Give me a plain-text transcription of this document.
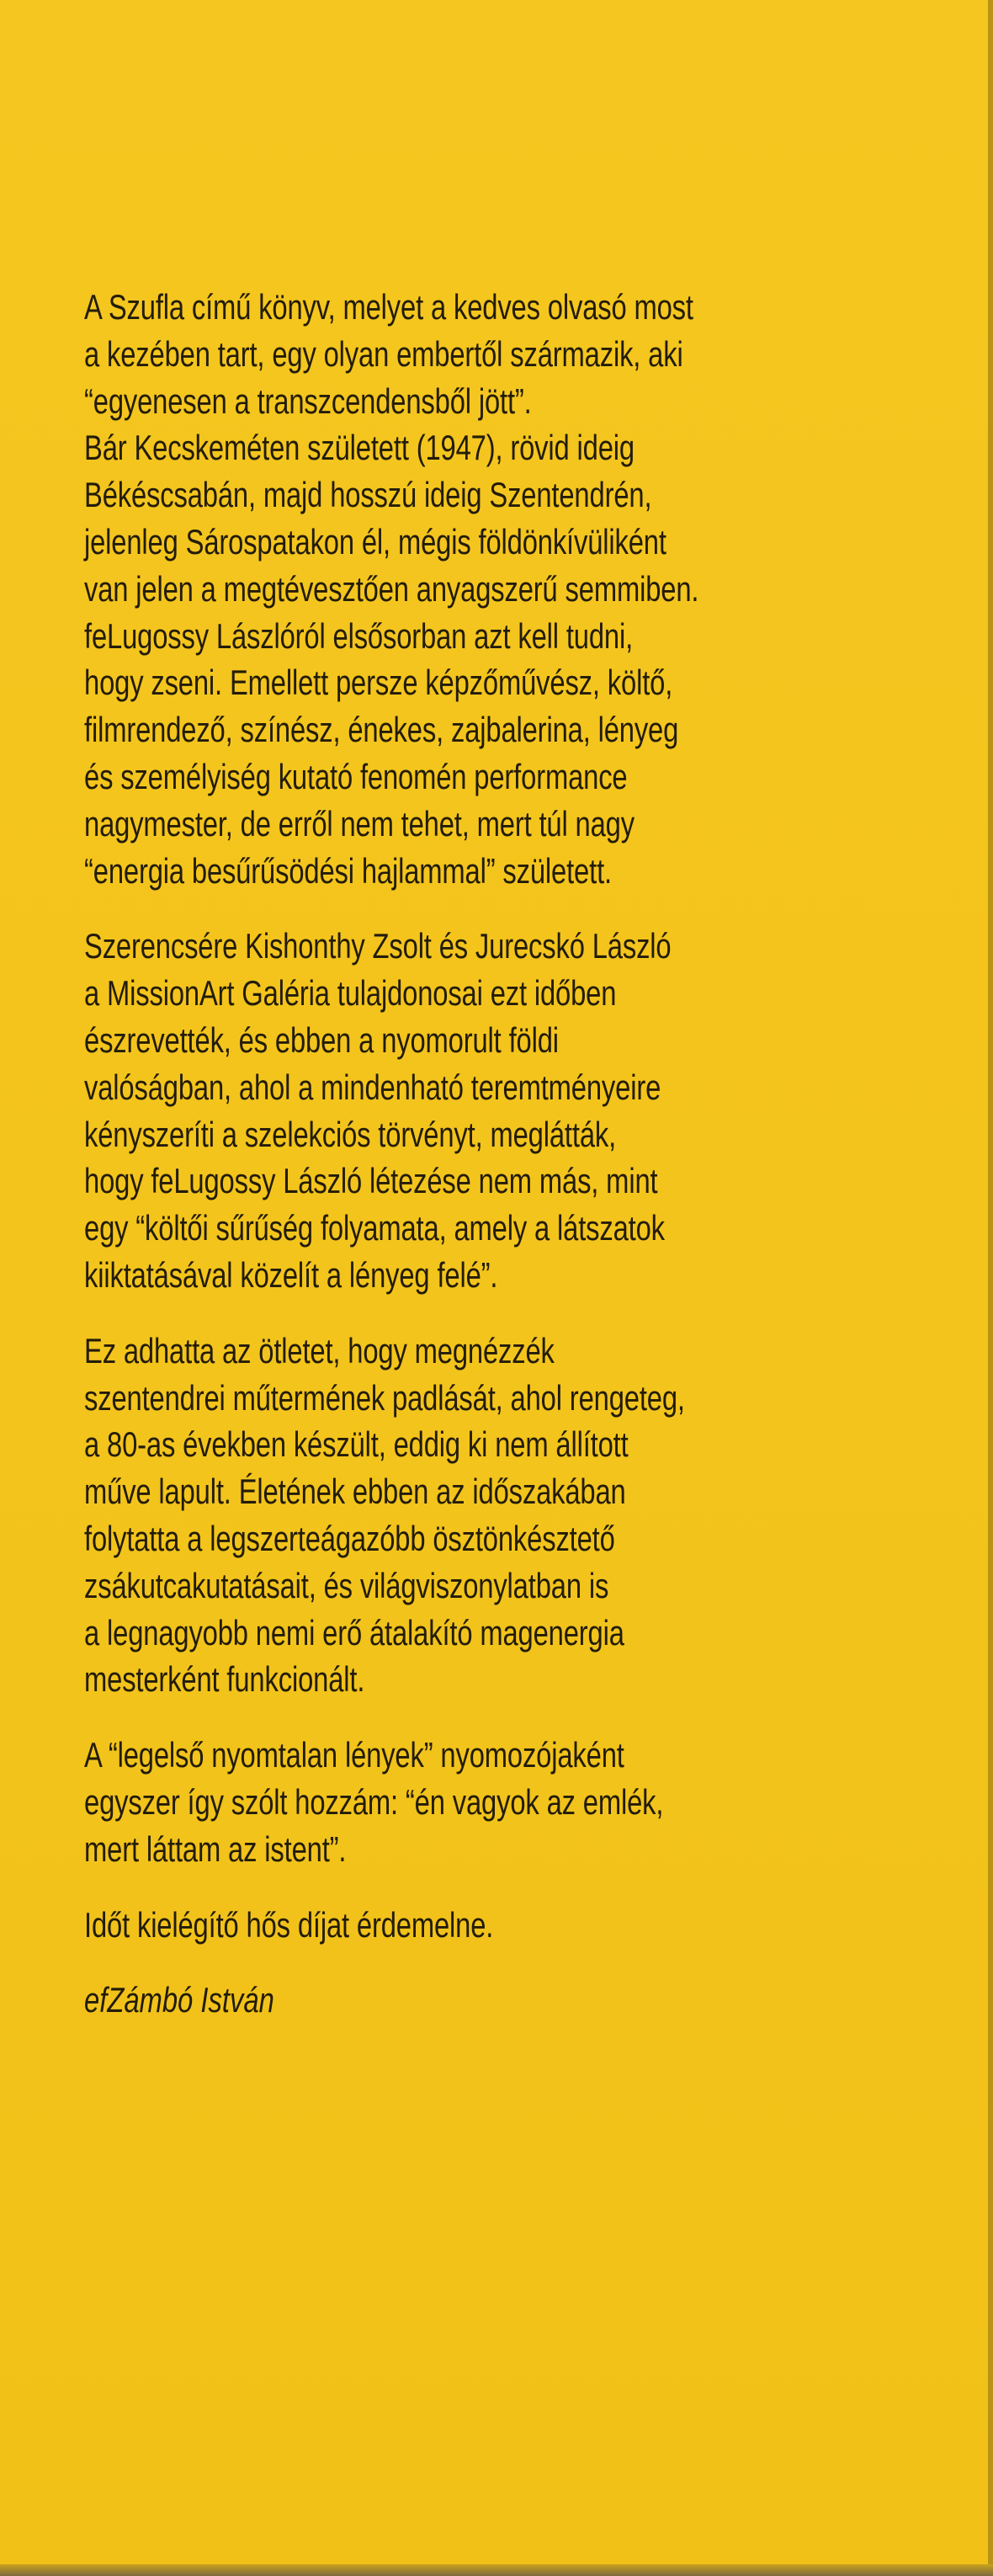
A Szufla című könyv, melyet a kedves olvasó most
a kezében tart, egy olyan embertől származik, aki
“egyenesen a transzcendensből jött”.
Bár Kecskeméten született (1947), rövid ideig
Békéscsabán, majd hosszú ideig Szentendrén,
jelenleg Sárospatakon él, mégis földönkívüliként
van jelen a megtévesztően anyagszerű semmiben.
feLugossy Lászlóról elsősorban azt kell tudni,
hogy zseni. Emellett persze képzőművész, költő,
filmrendező, színész, énekes, zajbalerina, lényeg
és személyiség kutató fenomén performance
nagymester, de erről nem tehet, mert túl nagy
“energia besűrűsödési hajlammal” született.
Szerencsére Kishonthy Zsolt és Jurecskó László
a MissionArt Galéria tulajdonosai ezt időben
észrevették, és ebben a nyomorult földi
valóságban, ahol a mindenható teremtményeire
kényszeríti a szelekciós törvényt, meglátták,
hogy feLugossy László létezése nem más, mint
egy “költői sűrűség folyamata, amely a látszatok
kiiktatásával közelít a lényeg felé”.
Ez adhatta az ötletet, hogy megnézzék
szentendrei műtermének padlását, ahol rengeteg,
a 80-as években készült, eddig ki nem állított
műve lapult. Életének ebben az időszakában
folytatta a legszerteágazóbb ösztönkésztető
zsákutcakutatásait, és világviszonylatban is
a legnagyobb nemi erő átalakító magenergia
mesterként funkcionált.
A “legelső nyomtalan lények” nyomozójaként
egyszer így szólt hozzám: “én vagyok az emlék,
mert láttam az istent”.
Időt kielégítő hős díjat érdemelne.
efZámbó István
